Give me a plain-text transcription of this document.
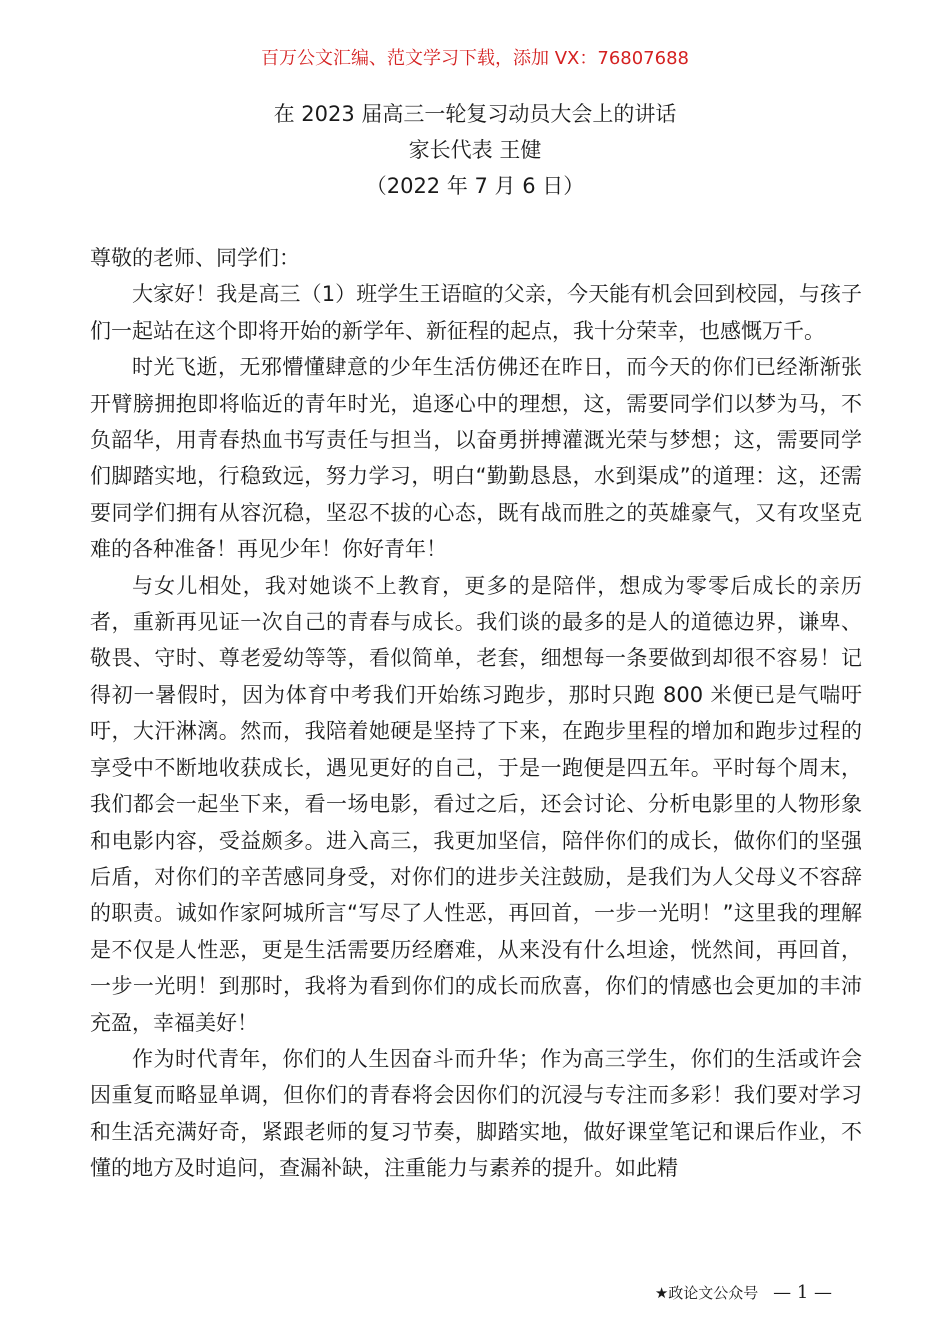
百万公文汇编、范文学习下载，添加 VX：76807688
在 2023 届高三一轮复习动员大会上的讲话
家长代表 王健
（2022 年 7 月 6 日）

尊敬的老师、同学们：

大家好！我是高三（1）班学生王语暄的父亲，今天能有机会回到校园，与孩子们一起站在这个即将开始的新学年、新征程的起点，我十分荣幸，也感慨万千。

时光飞逝，无邪懵懂肆意的少年生活仿佛还在昨日，而今天的你们已经渐渐张开臂膀拥抱即将临近的青年时光，追逐心中的理想，这，需要同学们以梦为马，不负韶华，用青春热血书写责任与担当，以奋勇拼搏灌溉光荣与梦想；这，需要同学们脚踏实地，行稳致远，努力学习，明白“勤勤恳恳，水到渠成”的道理：这，还需要同学们拥有从容沉稳，坚忍不拔的心态，既有战而胜之的英雄豪气，又有攻坚克难的各种准备！再见少年！你好青年！

与女儿相处，我对她谈不上教育，更多的是陪伴，想成为零零后成长的亲历者，重新再见证一次自己的青春与成长。我们谈的最多的是人的道德边界，谦卑、敬畏、守时、尊老爱幼等等，看似简单，老套，细想每一条要做到却很不容易！记得初一暑假时，因为体育中考我们开始练习跑步，那时只跑 800 米便已是气喘吁吁，大汗淋漓。然而，我陪着她硬是坚持了下来，在跑步里程的增加和跑步过程的享受中不断地收获成长，遇见更好的自己，于是一跑便是四五年。平时每个周末，我们都会一起坐下来，看一场电影，看过之后，还会讨论、分析电影里的人物形象和电影内容，受益颇多。进入高三，我更加坚信，陪伴你们的成长，做你们的坚强后盾，对你们的辛苦感同身受，对你们的进步关注鼓励，是我们为人父母义不容辞的职责。诚如作家阿城所言“写尽了人性恶，再回首，一步一光明！”这里我的理解是不仅是人性恶，更是生活需要历经磨难，从来没有什么坦途，恍然间，再回首，一步一光明！到那时，我将为看到你们的成长而欣喜，你们的情感也会更加的丰沛充盈，幸福美好！

作为时代青年，你们的人生因奋斗而升华；作为高三学生，你们的生活或许会因重复而略显单调，但你们的青春将会因你们的沉浸与专注而多彩！我们要对学习和生活充满好奇，紧跟老师的复习节奏，脚踏实地，做好课堂笔记和课后作业，不懂的地方及时追问，查漏补缺，注重能力与素养的提升。如此精

★政论文公众号 — 1 —
